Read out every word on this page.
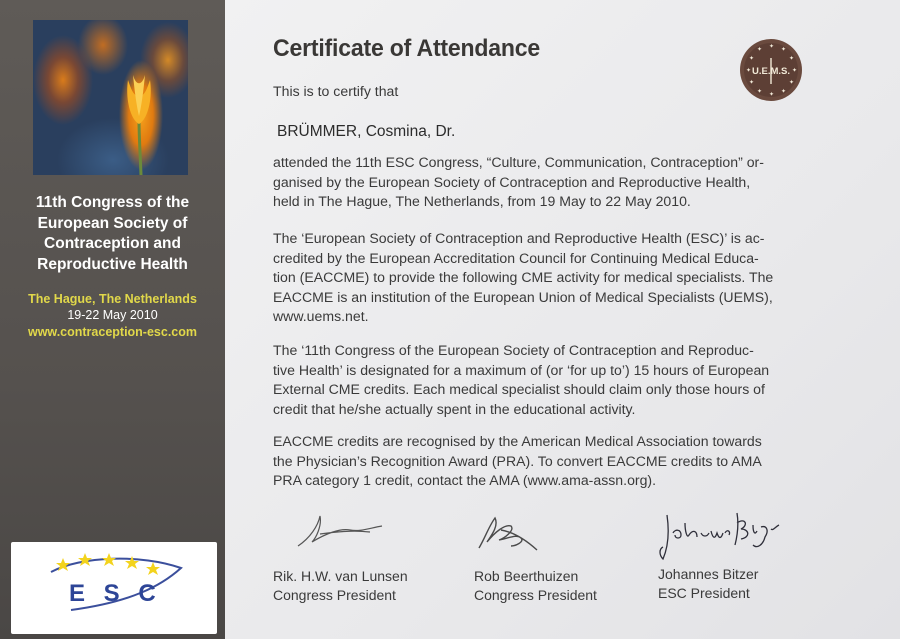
11th Congress of the
European Society of
Contraception and
Reproductive Health

The Hague, The Netherlands

19-22 May 2010

www.contraception-esc.com

E S C
Certificate of Attendance	✦ ✦
✦
✦
✦
✦
✦
✦
✦
✦
✦
✦
U.E.M.S.

This is to certify that

BRÜMMER, Cosmina, Dr.

attended the 11th ESC Congress, “Culture, Communication, Contraception” or-
ganised by the European Society of Contraception and Reproductive Health,
held in The Hague, The Netherlands, from 19 May to 22 May 2010.

The ‘European Society of Contraception and Reproductive Health (ESC)’ is ac-
credited by the European Accreditation Council for Continuing Medical Educa-
tion (EACCME) to provide the following CME activity for medical specialists. The
EACCME is an institution of the European Union of Medical Specialists (UEMS),
www.uems.net.

The ‘11th Congress of the European Society of Contraception and Reproduc-
tive Health’ is designated for a maximum of (or ‘for up to’) 15 hours of European
External CME credits. Each medical specialist should claim only those hours of
credit that he/she actually spent in the educational activity.

EACCME credits are recognised by the American Medical Association towards
the Physician’s Recognition Award (PRA). To convert EACCME credits to AMA
PRA category 1 credit, contact the AMA (www.ama-assn.org).

Rik. H.W. van Lunsen

Congress President

Rob Beerthuizen

Congress President

Johannes Bitzer

ESC President
